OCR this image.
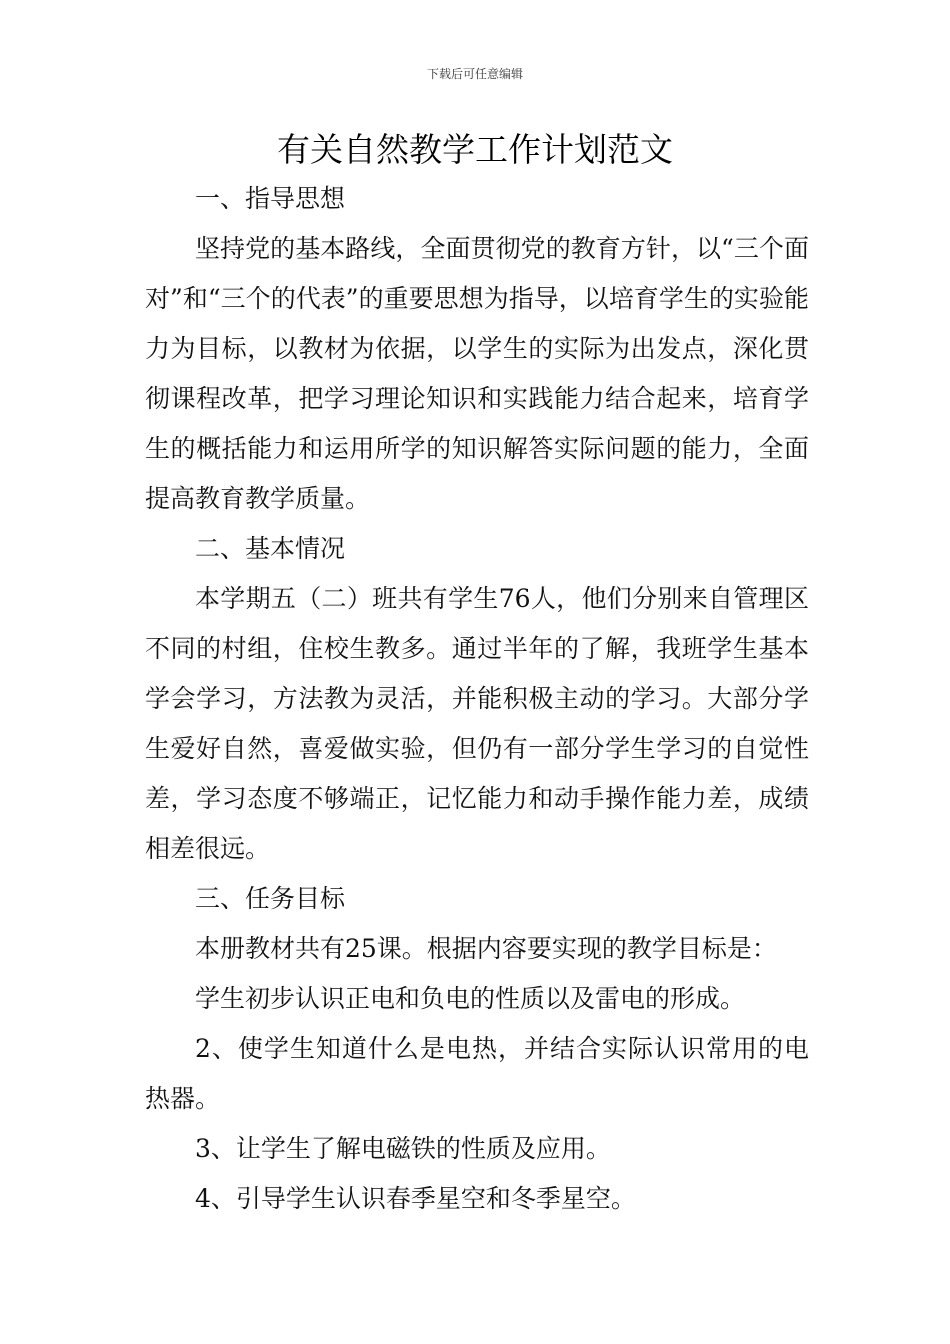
下载后可任意编辑
有关自然教学工作计划范文

一、指导思想

坚持党的基本路线，全面贯彻党的教育方针，以“三个面对”和“三个的代表”的重要思想为指导，以培育学生的实验能力为目标，以教材为依据，以学生的实际为出发点，深化贯彻课程改革，把学习理论知识和实践能力结合起来，培育学生的概括能力和运用所学的知识解答实际问题的能力，全面提高教育教学质量。

二、基本情况

本学期五（二）班共有学生76人，他们分别来自管理区不同的村组，住校生教多。通过半年的了解，我班学生基本学会学习，方法教为灵活，并能积极主动的学习。大部分学生爱好自然，喜爱做实验，但仍有一部分学生学习的自觉性差，学习态度不够端正，记忆能力和动手操作能力差，成绩相差很远。

三、任务目标

本册教材共有25课。根据内容要实现的教学目标是：

学生初步认识正电和负电的性质以及雷电的形成。

2、使学生知道什么是电热，并结合实际认识常用的电热器。

3、让学生了解电磁铁的性质及应用。

4、引导学生认识春季星空和冬季星空。
